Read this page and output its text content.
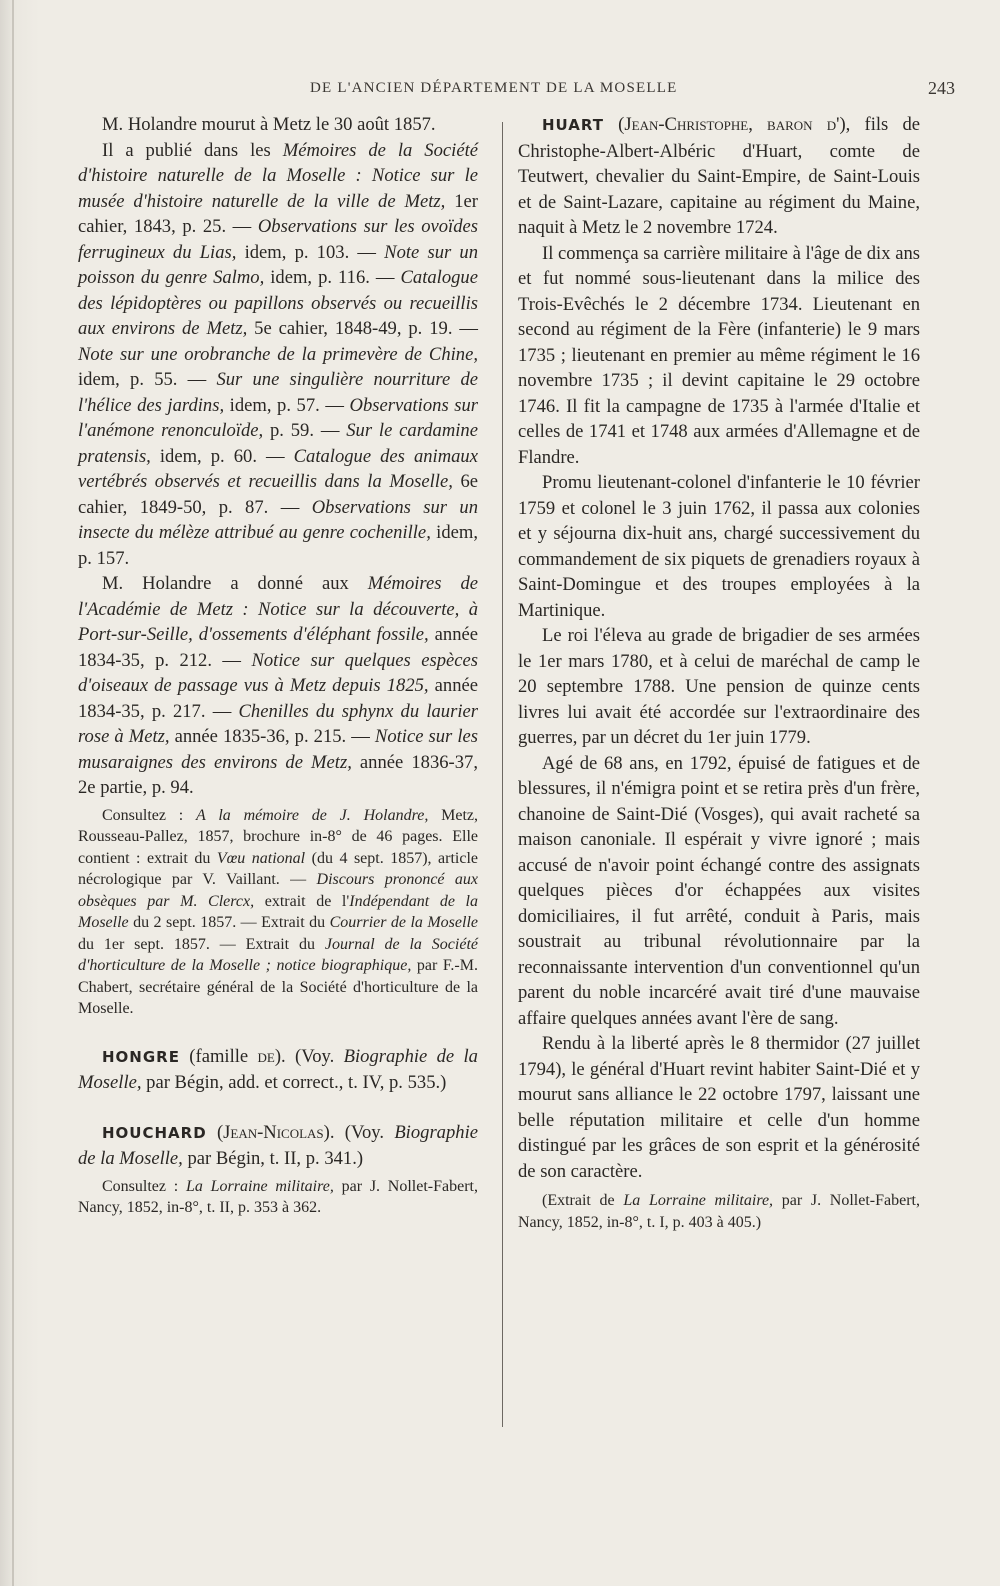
DE L'ANCIEN DÉPARTEMENT DE LA MOSELLE	243

M. Holandre mourut à Metz le 30 août 1857.

Il a publié dans les Mémoires de la Société d'histoire naturelle de la Moselle : Notice sur le musée d'histoire naturelle de la ville de Metz, 1er cahier, 1843, p. 25. — Observations sur les ovoïdes ferrugineux du Lias, idem, p. 103. — Note sur un poisson du genre Salmo, idem, p. 116. — Catalogue des lépidoptères ou papillons observés ou recueillis aux environs de Metz, 5e cahier, 1848-49, p. 19. — Note sur une orobranche de la primevère de Chine, idem, p. 55. — Sur une singulière nourriture de l'hélice des jardins, idem, p. 57. — Observations sur l'anémone renonculoïde, p. 59. — Sur le cardamine pratensis, idem, p. 60. — Catalogue des animaux vertébrés observés et recueillis dans la Moselle, 6e cahier, 1849-50, p. 87. — Observations sur un insecte du mélèze attribué au genre cochenille, idem, p. 157.

M. Holandre a donné aux Mémoires de l'Académie de Metz : Notice sur la découverte, à Port-sur-Seille, d'ossements d'éléphant fossile, année 1834-35, p. 212. — Notice sur quelques espèces d'oiseaux de passage vus à Metz depuis 1825, année 1834-35, p. 217. — Chenilles du sphynx du laurier rose à Metz, année 1835-36, p. 215. — Notice sur les musaraignes des environs de Metz, année 1836-37, 2e partie, p. 94.

Consultez : A la mémoire de J. Holandre, Metz, Rousseau-Pallez, 1857, brochure in-8° de 46 pages. Elle contient : extrait du Vœu national (du 4 sept. 1857), article nécrologique par V. Vaillant. — Discours prononcé aux obsèques par M. Clercx, extrait de l'Indépendant de la Moselle du 2 sept. 1857. — Extrait du Courrier de la Moselle du 1er sept. 1857. — Extrait du Journal de la Société d'horticulture de la Moselle ; notice biographique, par F.-M. Chabert, secrétaire général de la Société d'horticulture de la Moselle.

HONGRE (famille de). (Voy. Biographie de la Moselle, par Bégin, add. et correct., t. IV, p. 535.)

HOUCHARD (Jean-Nicolas). (Voy. Biographie de la Moselle, par Bégin, t. II, p. 341.)

Consultez : La Lorraine militaire, par J. Nollet-Fabert, Nancy, 1852, in-8°, t. II, p. 353 à 362.

HUART (Jean-Christophe, baron d'), fils de Christophe-Albert-Albéric d'Huart, comte de Teutwert, chevalier du Saint-Empire, de Saint-Louis et de Saint-Lazare, capitaine au régiment du Maine, naquit à Metz le 2 novembre 1724.

Il commença sa carrière militaire à l'âge de dix ans et fut nommé sous-lieutenant dans la milice des Trois-Evêchés le 2 décembre 1734. Lieutenant en second au régiment de la Fère (infanterie) le 9 mars 1735 ; lieutenant en premier au même régiment le 16 novembre 1735 ; il devint capitaine le 29 octobre 1746. Il fit la campagne de 1735 à l'armée d'Italie et celles de 1741 et 1748 aux armées d'Allemagne et de Flandre.

Promu lieutenant-colonel d'infanterie le 10 février 1759 et colonel le 3 juin 1762, il passa aux colonies et y séjourna dix-huit ans, chargé successivement du commandement de six piquets de grenadiers royaux à Saint-Domingue et des troupes employées à la Martinique.

Le roi l'éleva au grade de brigadier de ses armées le 1er mars 1780, et à celui de maréchal de camp le 20 septembre 1788. Une pension de quinze cents livres lui avait été accordée sur l'extraordinaire des guerres, par un décret du 1er juin 1779.

Agé de 68 ans, en 1792, épuisé de fatigues et de blessures, il n'émigra point et se retira près d'un frère, chanoine de Saint-Dié (Vosges), qui avait racheté sa maison canoniale. Il espérait y vivre ignoré ; mais accusé de n'avoir point échangé contre des assignats quelques pièces d'or échappées aux visites domiciliaires, il fut arrêté, conduit à Paris, mais soustrait au tribunal révolutionnaire par la reconnaissante intervention d'un conventionnel qu'un parent du noble incarcéré avait tiré d'une mauvaise affaire quelques années avant l'ère de sang.

Rendu à la liberté après le 8 thermidor (27 juillet 1794), le général d'Huart revint habiter Saint-Dié et y mourut sans alliance le 22 octobre 1797, laissant une belle réputation militaire et celle d'un homme distingué par les grâces de son esprit et la générosité de son caractère.

(Extrait de La Lorraine militaire, par J. Nollet-Fabert, Nancy, 1852, in-8°, t. I, p. 403 à 405.)
